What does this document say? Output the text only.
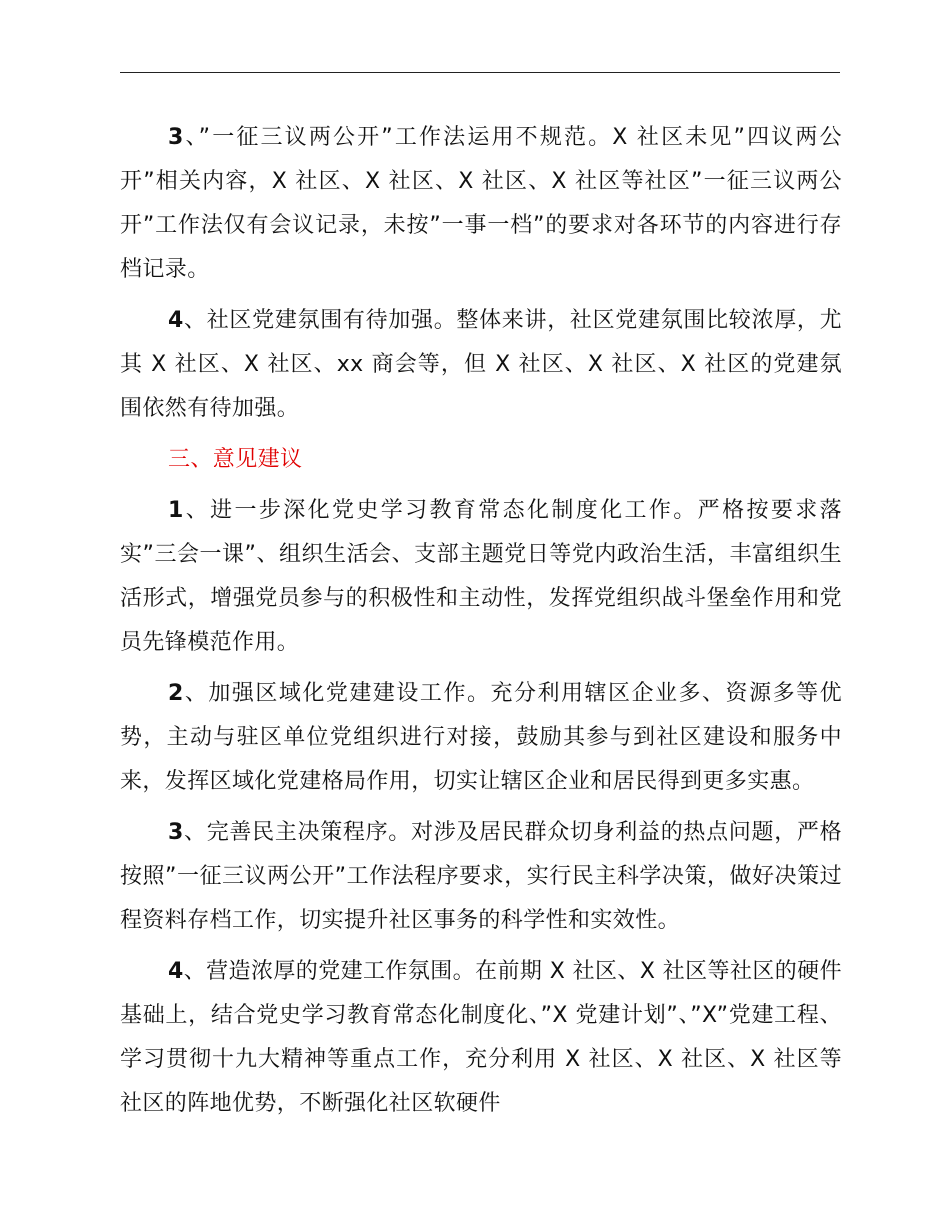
3、”一征三议两公开”工作法运用不规范。X 社区未见”四议两公开”相关内容，X 社区、X 社区、X 社区、X 社区等社区”一征三议两公开”工作法仅有会议记录，未按”一事一档”的要求对各环节的内容进行存档记录。

4、社区党建氛围有待加强。整体来讲，社区党建氛围比较浓厚，尤其 X 社区、X 社区、xx 商会等，但 X 社区、X 社区、X 社区的党建氛围依然有待加强。

三、意见建议

1、进一步深化党史学习教育常态化制度化工作。严格按要求落实”三会一课”、组织生活会、支部主题党日等党内政治生活，丰富组织生活形式，增强党员参与的积极性和主动性，发挥党组织战斗堡垒作用和党员先锋模范作用。

2、加强区域化党建建设工作。充分利用辖区企业多、资源多等优势，主动与驻区单位党组织进行对接，鼓励其参与到社区建设和服务中来，发挥区域化党建格局作用，切实让辖区企业和居民得到更多实惠。

3、完善民主决策程序。对涉及居民群众切身利益的热点问题，严格按照”一征三议两公开”工作法程序要求，实行民主科学决策，做好决策过程资料存档工作，切实提升社区事务的科学性和实效性。

4、营造浓厚的党建工作氛围。在前期 X 社区、X 社区等社区的硬件基础上，结合党史学习教育常态化制度化、”X 党建计划”、”X”党建工程、学习贯彻十九大精神等重点工作，充分利用 X 社区、X 社区、X 社区等社区的阵地优势，不断强化社区软硬件
